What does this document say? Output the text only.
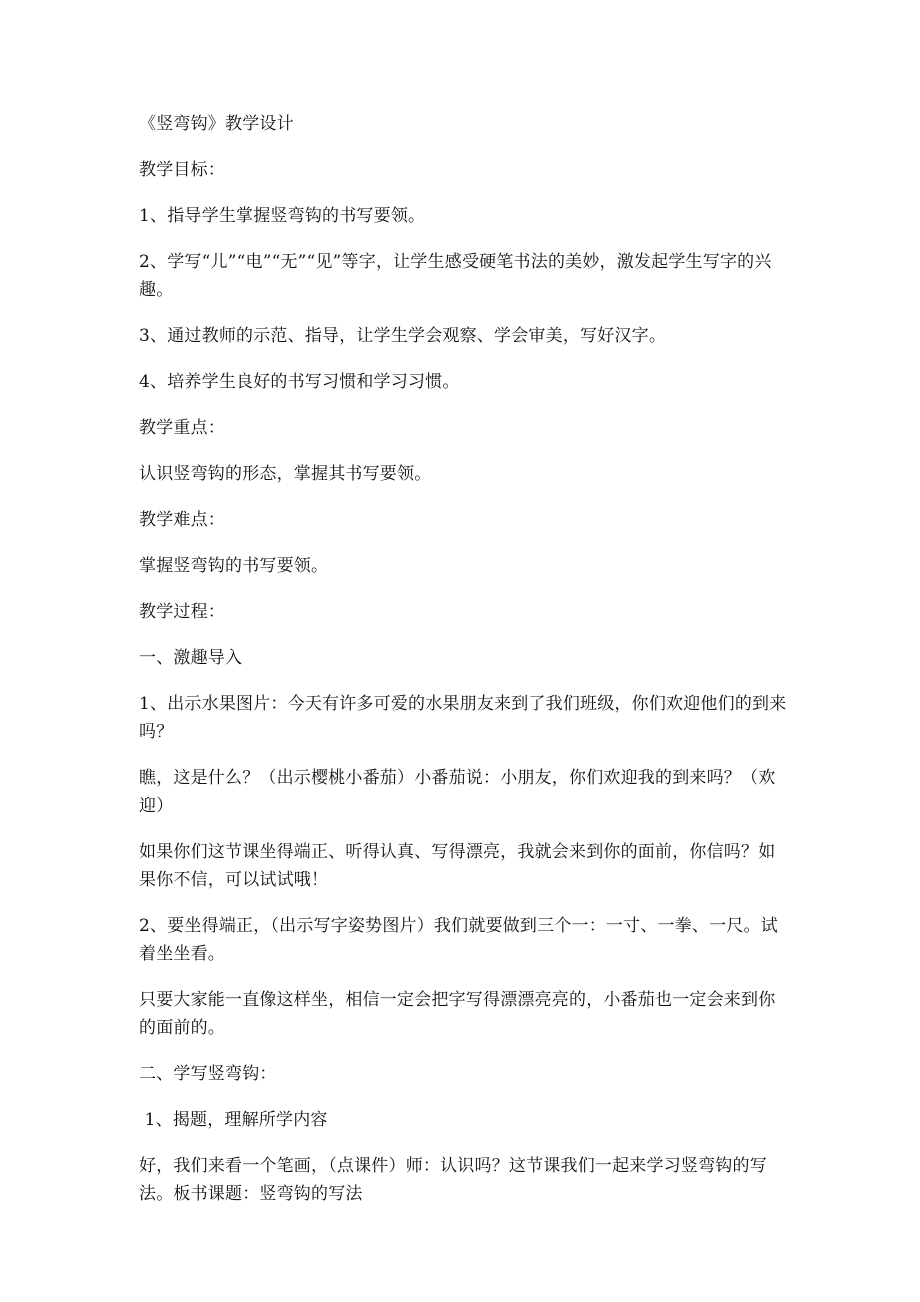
《竖弯钩》教学设计

教学目标：

1、指导学生掌握竖弯钩的书写要领。

2、学写“儿”“电”“无”“见”等字，让学生感受硬笔书法的美妙，激发起学生写字的兴趣。

3、通过教师的示范、指导，让学生学会观察、学会审美，写好汉字。

4、培养学生良好的书写习惯和学习习惯。

教学重点：

认识竖弯钩的形态，掌握其书写要领。

教学难点：

掌握竖弯钩的书写要领。

教学过程：

一、激趣导入

1、出示水果图片：今天有许多可爱的水果朋友来到了我们班级，你们欢迎他们的到来吗？

瞧，这是什么？（出示樱桃小番茄）小番茄说：小朋友，你们欢迎我的到来吗？（欢迎）

如果你们这节课坐得端正、听得认真、写得漂亮，我就会来到你的面前，你信吗？如果你不信，可以试试哦！

2、要坐得端正，（出示写字姿势图片）我们就要做到三个一：一寸、一拳、一尺。试着坐坐看。

只要大家能一直像这样坐，相信一定会把字写得漂漂亮亮的，小番茄也一定会来到你的面前的。

二、学写竖弯钩：

1、揭题，理解所学内容

好，我们来看一个笔画，（点课件）师：认识吗？这节课我们一起来学习竖弯钩的写法。板书课题：竖弯钩的写法
